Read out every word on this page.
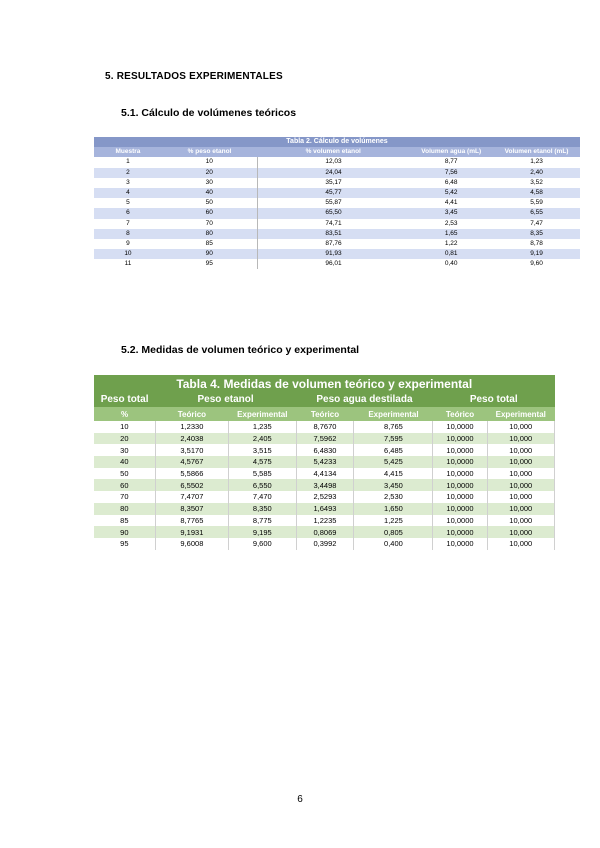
5. RESULTADOS EXPERIMENTALES
5.1. Cálculo de volúmenes teóricos
Tabla 2. Cálculo de volúmenes				
Muestra	% peso etanol	% volumen etanol	Volumen agua (mL)	Volumen etanol (mL)
1	10	12,03	8,77	1,23
2	20	24,04	7,56	2,40
3	30	35,17	6,48	3,52
4	40	45,77	5,42	4,58
5	50	55,87	4,41	5,59
6	60	65,50	3,45	6,55
7	70	74,71	2,53	7,47
8	80	83,51	1,65	8,35
9	85	87,76	1,22	8,78
10	90	91,93	0,81	9,19
11	95	96,01	0,40	9,60
5.2. Medidas de volumen teórico y experimental
Tabla 4. Medidas de volumen teórico y experimental						
Peso total	Peso etanol		Peso agua destilada		Peso total	
%	Teórico	Experimental	Teórico	Experimental	Teórico	Experimental
10	1,2330	1,235	8,7670	8,765	10,0000	10,000
20	2,4038	2,405	7,5962	7,595	10,0000	10,000
30	3,5170	3,515	6,4830	6,485	10,0000	10,000
40	4,5767	4,575	5,4233	5,425	10,0000	10,000
50	5,5866	5,585	4,4134	4,415	10,0000	10,000
60	6,5502	6,550	3,4498	3,450	10,0000	10,000
70	7,4707	7,470	2,5293	2,530	10,0000	10,000
80	8,3507	8,350	1,6493	1,650	10,0000	10,000
85	8,7765	8,775	1,2235	1,225	10,0000	10,000
90	9,1931	9,195	0,8069	0,805	10,0000	10,000
95	9,6008	9,600	0,3992	0,400	10,0000	10,000
6
